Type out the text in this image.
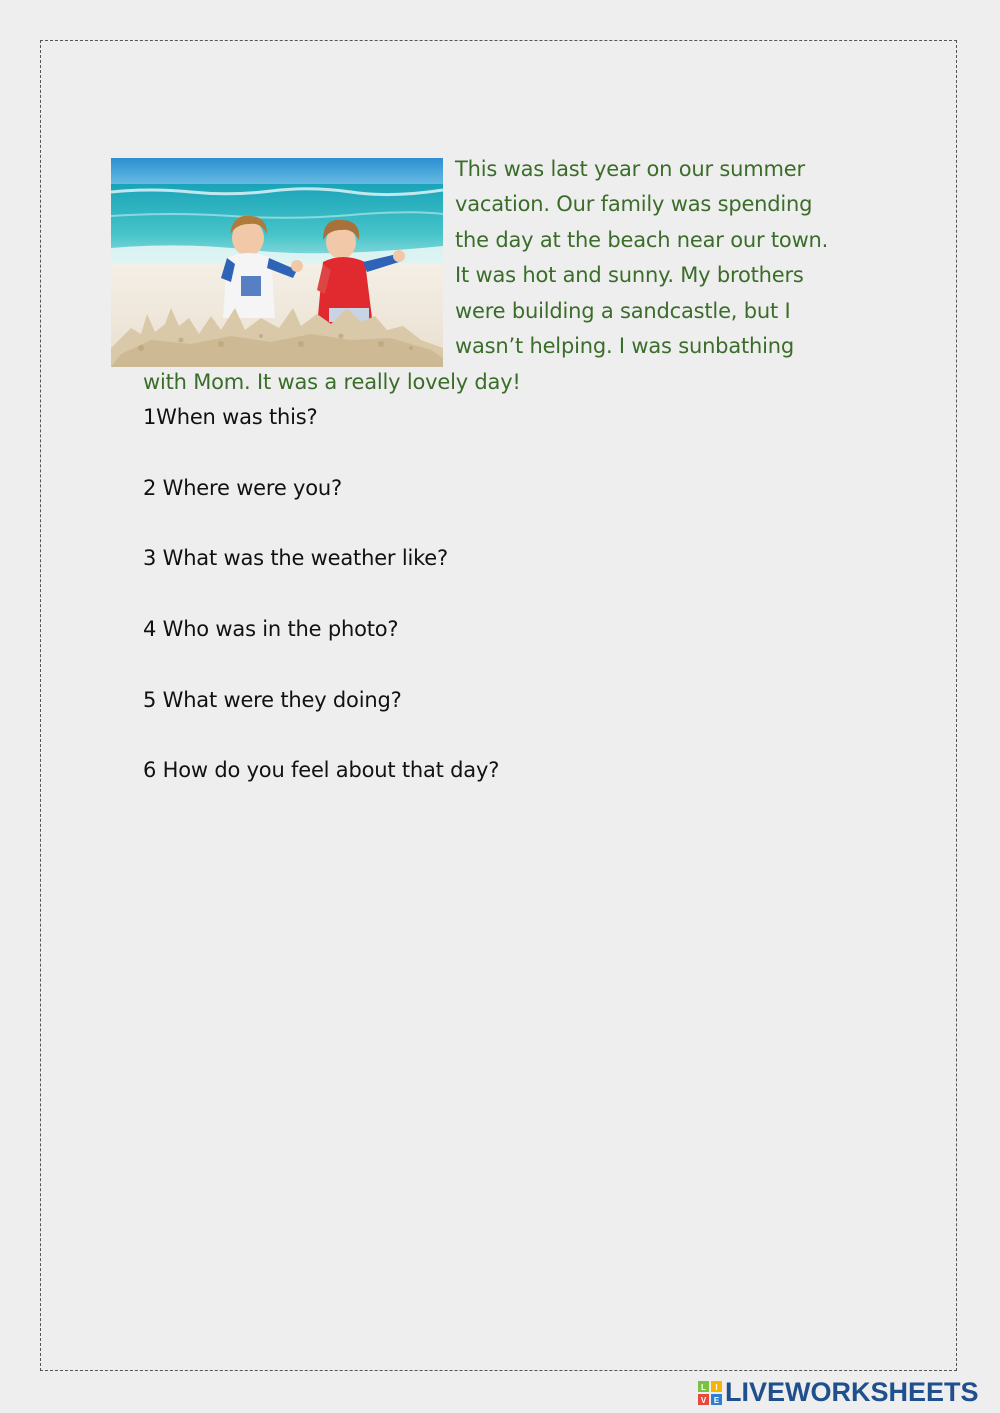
This was last year on our summer
vacation. Our family was spending
the day at the beach near our town.
It was hot and sunny. My brothers
were building a sandcastle, but I
wasn’t helping. I was sunbathing
with Mom. It was a really lovely day!
1When was this?
2 Where were you?
3 What was the weather like?
4 Who was in the photo?
5 What were they doing?
6 How do you feel about that day?
L I
V E LIVEWORKSHEETS
